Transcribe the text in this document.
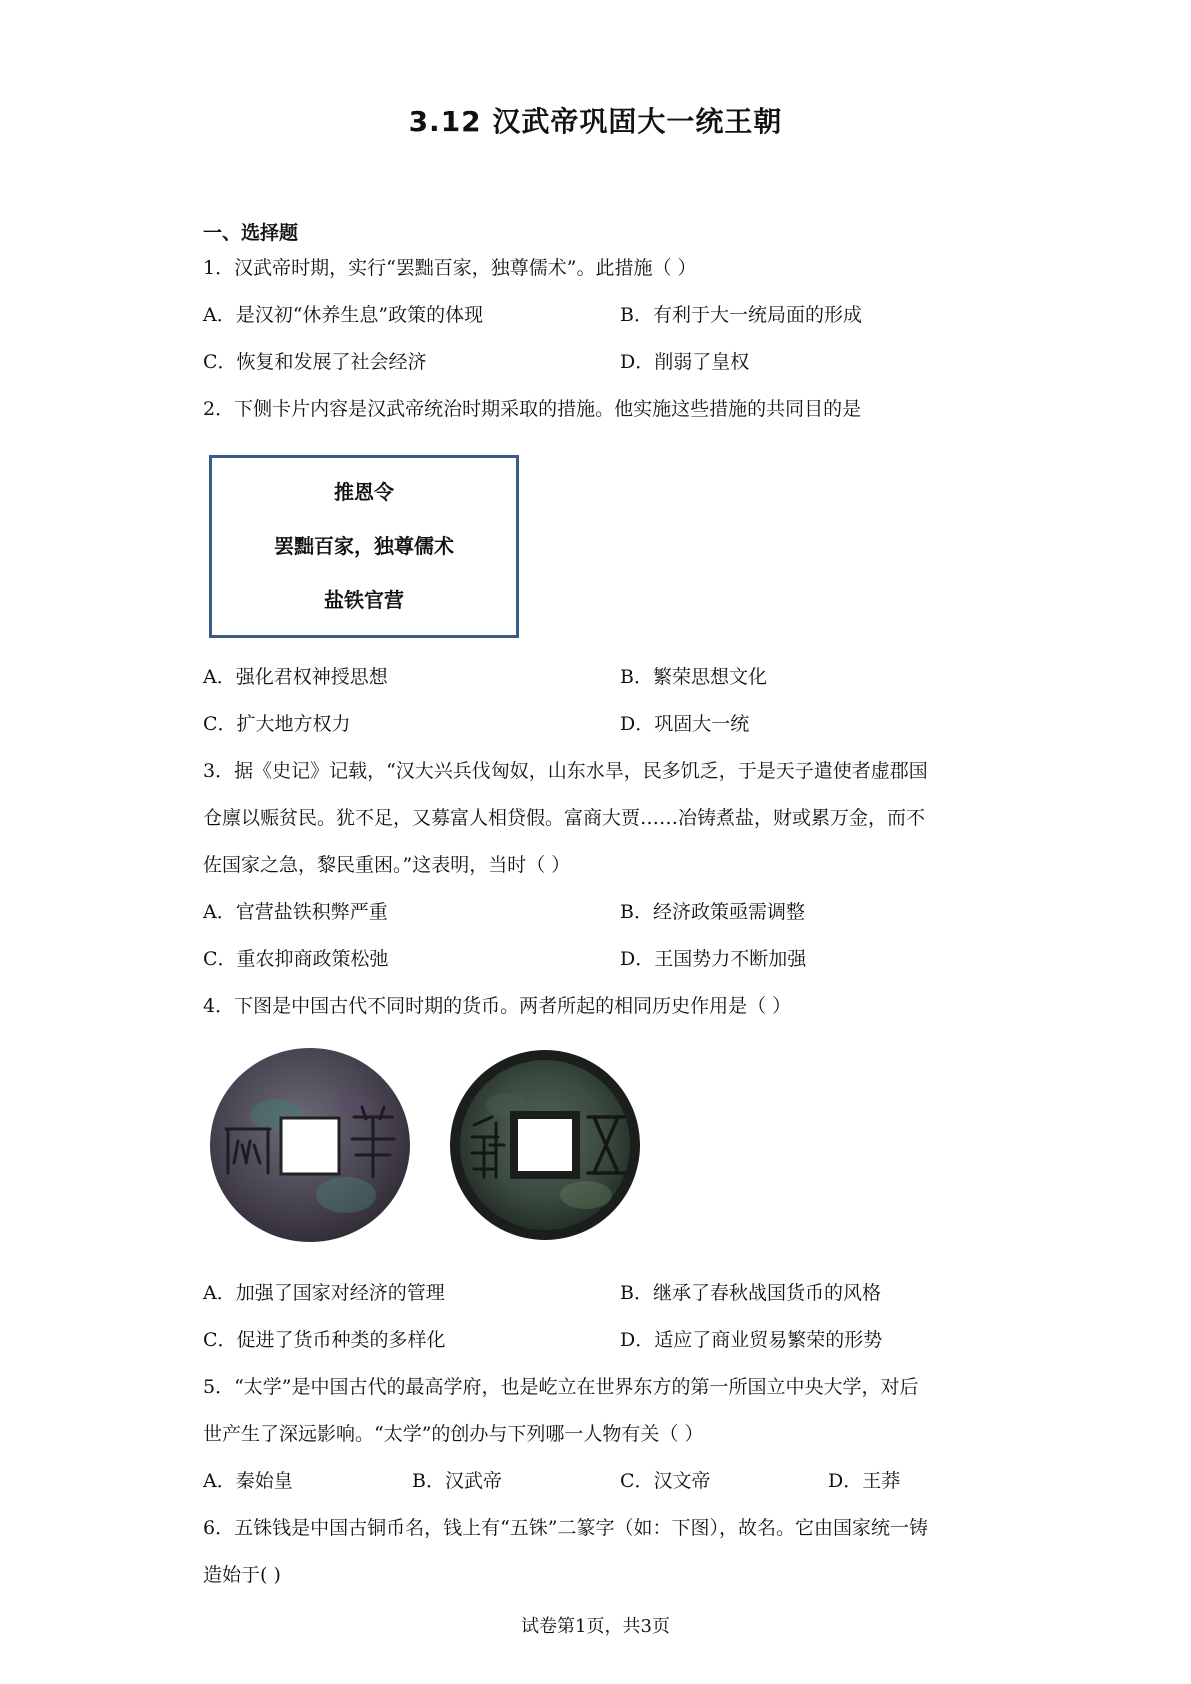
3.12 汉武帝巩固大一统王朝
一、选择题
1．汉武帝时期，实行“罢黜百家，独尊儒术”。此措施（ ）
A．是汉初“休养生息”政策的体现	B．有利于大一统局面的形成
C．恢复和发展了社会经济	D．削弱了皇权
2．下侧卡片内容是汉武帝统治时期采取的措施。他实施这些措施的共同目的是
推恩令
罢黜百家，独尊儒术
盐铁官营
A．强化君权神授思想	B．繁荣思想文化
C．扩大地方权力	D．巩固大一统
3．据《史记》记载，“汉大兴兵伐匈奴，山东水旱，民多饥乏，于是天子遣使者虚郡国
仓廪以赈贫民。犹不足，又募富人相贷假。富商大贾……冶铸煮盐，财或累万金，而不
佐国家之急，黎民重困。”这表明，当时（ ）
A．官营盐铁积弊严重	B．经济政策亟需调整
C．重农抑商政策松弛	D．王国势力不断加强
4．下图是中国古代不同时期的货币。两者所起的相同历史作用是（ ）
A．加强了国家对经济的管理	B．继承了春秋战国货币的风格
C．促进了货币种类的多样化	D．适应了商业贸易繁荣的形势
5．“太学”是中国古代的最高学府，也是屹立在世界东方的第一所国立中央大学，对后
世产生了深远影响。“太学”的创办与下列哪一人物有关（ ）
A．秦始皇	B．汉武帝	C．汉文帝	D．王莽
6．五铢钱是中国古铜币名，钱上有“五铢”二篆字（如：下图），故名。它由国家统一铸
造始于( )
试卷第1页，共3页
